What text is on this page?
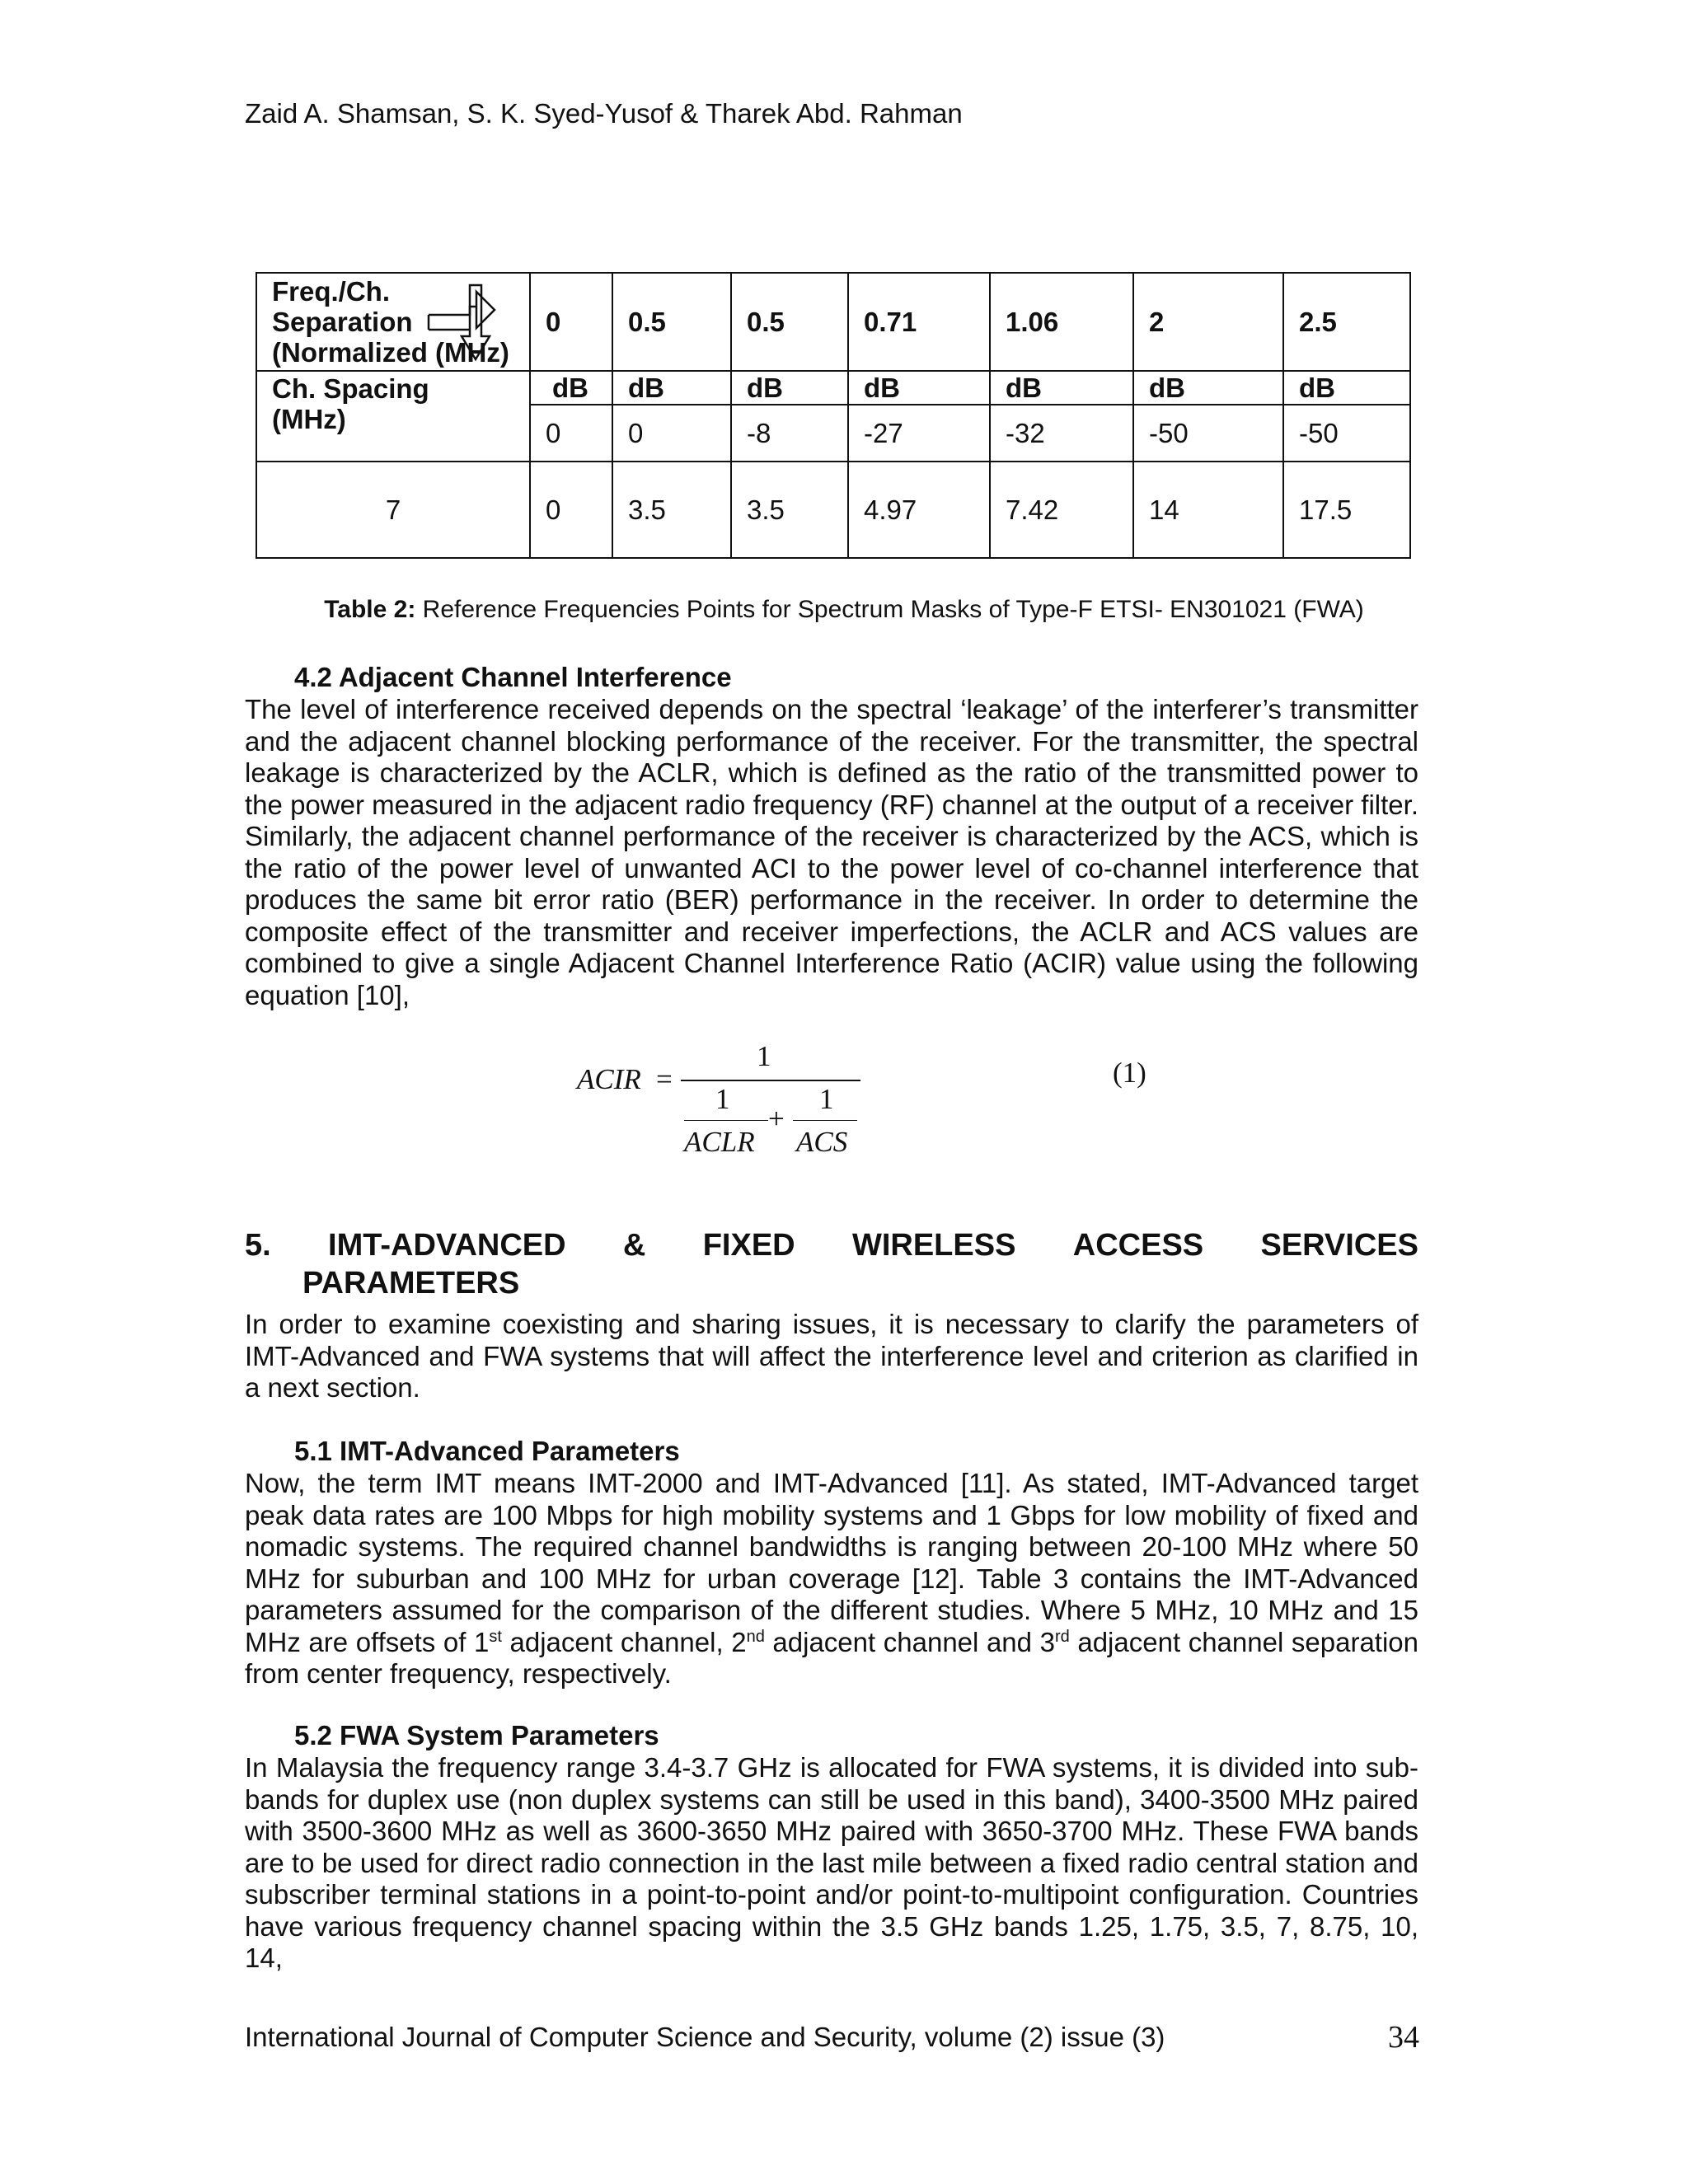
Zaid A. Shamsan, S. K. Syed-Yusof & Tharek Abd. Rahman
Freq./Ch.
Separation
(Normalized (MHz)	0	0.5	0.5	0.71	1.06	2	2.5

Ch. Spacing
(MHz)	dB	dB	dB	dB	dB	dB	dB
	0	0	-8	-27	-32	-50	-50
7	0	3.5	3.5	4.97	7.42	14	17.5
Table 2: Reference Frequencies Points for Spectrum Masks of Type-F ETSI- EN301021 (FWA)
4.2 Adjacent Channel Interference

The level of interference received depends on the spectral ‘leakage’ of the interferer’s transmitter and the adjacent channel blocking performance of the receiver. For the transmitter, the spectral leakage is characterized by the ACLR, which is defined as the ratio of the transmitted power to the power measured in the adjacent radio frequency (RF) channel at the output of a receiver filter. Similarly, the adjacent channel performance of the receiver is characterized by the ACS, which is the ratio of the power level of unwanted ACI to the power level of co-channel interference that produces the same bit error ratio (BER) performance in the receiver. In order to determine the composite effect of the transmitter and receiver imperfections, the ACLR and ACS values are combined to give a single Adjacent Channel Interference Ratio (ACIR) value using the following equation [10],

ACIR =
1
1	1
+
ACLR ACS
(1)
5. IMT-ADVANCED & FIXED WIRELESS ACCESS SERVICES
PARAMETERS

In order to examine coexisting and sharing issues, it is necessary to clarify the parameters of IMT-Advanced and FWA systems that will affect the interference level and criterion as clarified in a next section.

5.1 IMT-Advanced Parameters

Now, the term IMT means IMT-2000 and IMT-Advanced [11]. As stated, IMT-Advanced target peak data rates are 100 Mbps for high mobility systems and 1 Gbps for low mobility of fixed and nomadic systems. The required channel bandwidths is ranging between 20-100 MHz where 50 MHz for suburban and 100 MHz for urban coverage [12]. Table 3 contains the IMT-Advanced parameters assumed for the comparison of the different studies. Where 5 MHz, 10 MHz and 15 MHz are offsets of 1st adjacent channel, 2nd adjacent channel and 3rd adjacent channel separation from center frequency, respectively.

5.2 FWA System Parameters

In Malaysia the frequency range 3.4-3.7 GHz is allocated for FWA systems, it is divided into sub-bands for duplex use (non duplex systems can still be used in this band), 3400-3500 MHz paired with 3500-3600 MHz as well as 3600-3650 MHz paired with 3650-3700 MHz. These FWA bands are to be used for direct radio connection in the last mile between a fixed radio central station and subscriber terminal stations in a point-to-point and/or point-to-multipoint configuration. Countries have various frequency channel spacing within the 3.5 GHz bands 1.25, 1.75, 3.5, 7, 8.75, 10, 14,

International Journal of Computer Science and Security, volume (2) issue (3)	34
